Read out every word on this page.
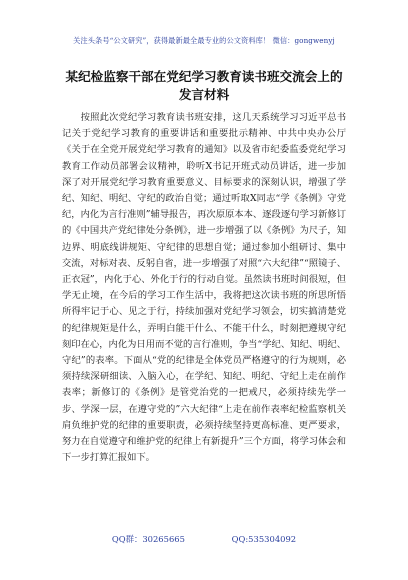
关注头条号“公文研究”，获得最新最全最专业的公文资料库！ 微信：gongwenyj
某纪检监察干部在党纪学习教育读书班交流会上的发言材料

按照此次党纪学习教育读书班安排，这几天系统学习习近平总书记关于党纪学习教育的重要讲话和重要批示精神、中共中央办公厅《关于在全党开展党纪学习教育的通知》以及省市纪委监委党纪学习教育工作动员部署会议精神，聆听X书记开班式动员讲话，进一步加深了对开展党纪学习教育重要意义、目标要求的深刻认识，增强了学纪、知纪、明纪、守纪的政治自觉；通过听取X同志“学《条例》守党纪，内化为言行准则”辅导报告，再次原原本本、逐段逐句学习新修订的《中国共产党纪律处分条例》，进一步增强了以《条例》为尺子，知边界、明底线讲规矩、守纪律的思想自觉；通过参加小组研讨、集中交流，对标对表、反躬自省，进一步增强了对照“六大纪律”“照镜子、正衣冠”，内化于心、外化于行的行动自觉。虽然读书班时间很短，但学无止境，在今后的学习工作生活中，我将把这次读书班的所思所悟所得牢记于心、见之于行，持续加强对党纪学习领会，切实搞清楚党的纪律规矩是什么，弄明白能干什么、不能干什么，时刻把遵规守纪刻印在心，内化为日用而不觉的言行准则，争当“学纪、知纪、明纪、守纪”的表率。下面从“党的纪律是全体党员严格遵守的行为规则，必须持续深研细读、入脑入心，在学纪、知纪、明纪、守纪上走在前作表率；新修订的《条例》是管党治党的一把戒尺，必须持续先学一步、学深一层，在遵守党的”六大纪律“上走在前作表率纪检监察机关肩负维护党的纪律的重要职责，必须持续坚持更高标准、更严要求，努力在自觉遵守和维护党的纪律上有新提升”三个方面，将学习体会和下一步打算汇报如下。

QQ群：30265665	QQ:535304092
